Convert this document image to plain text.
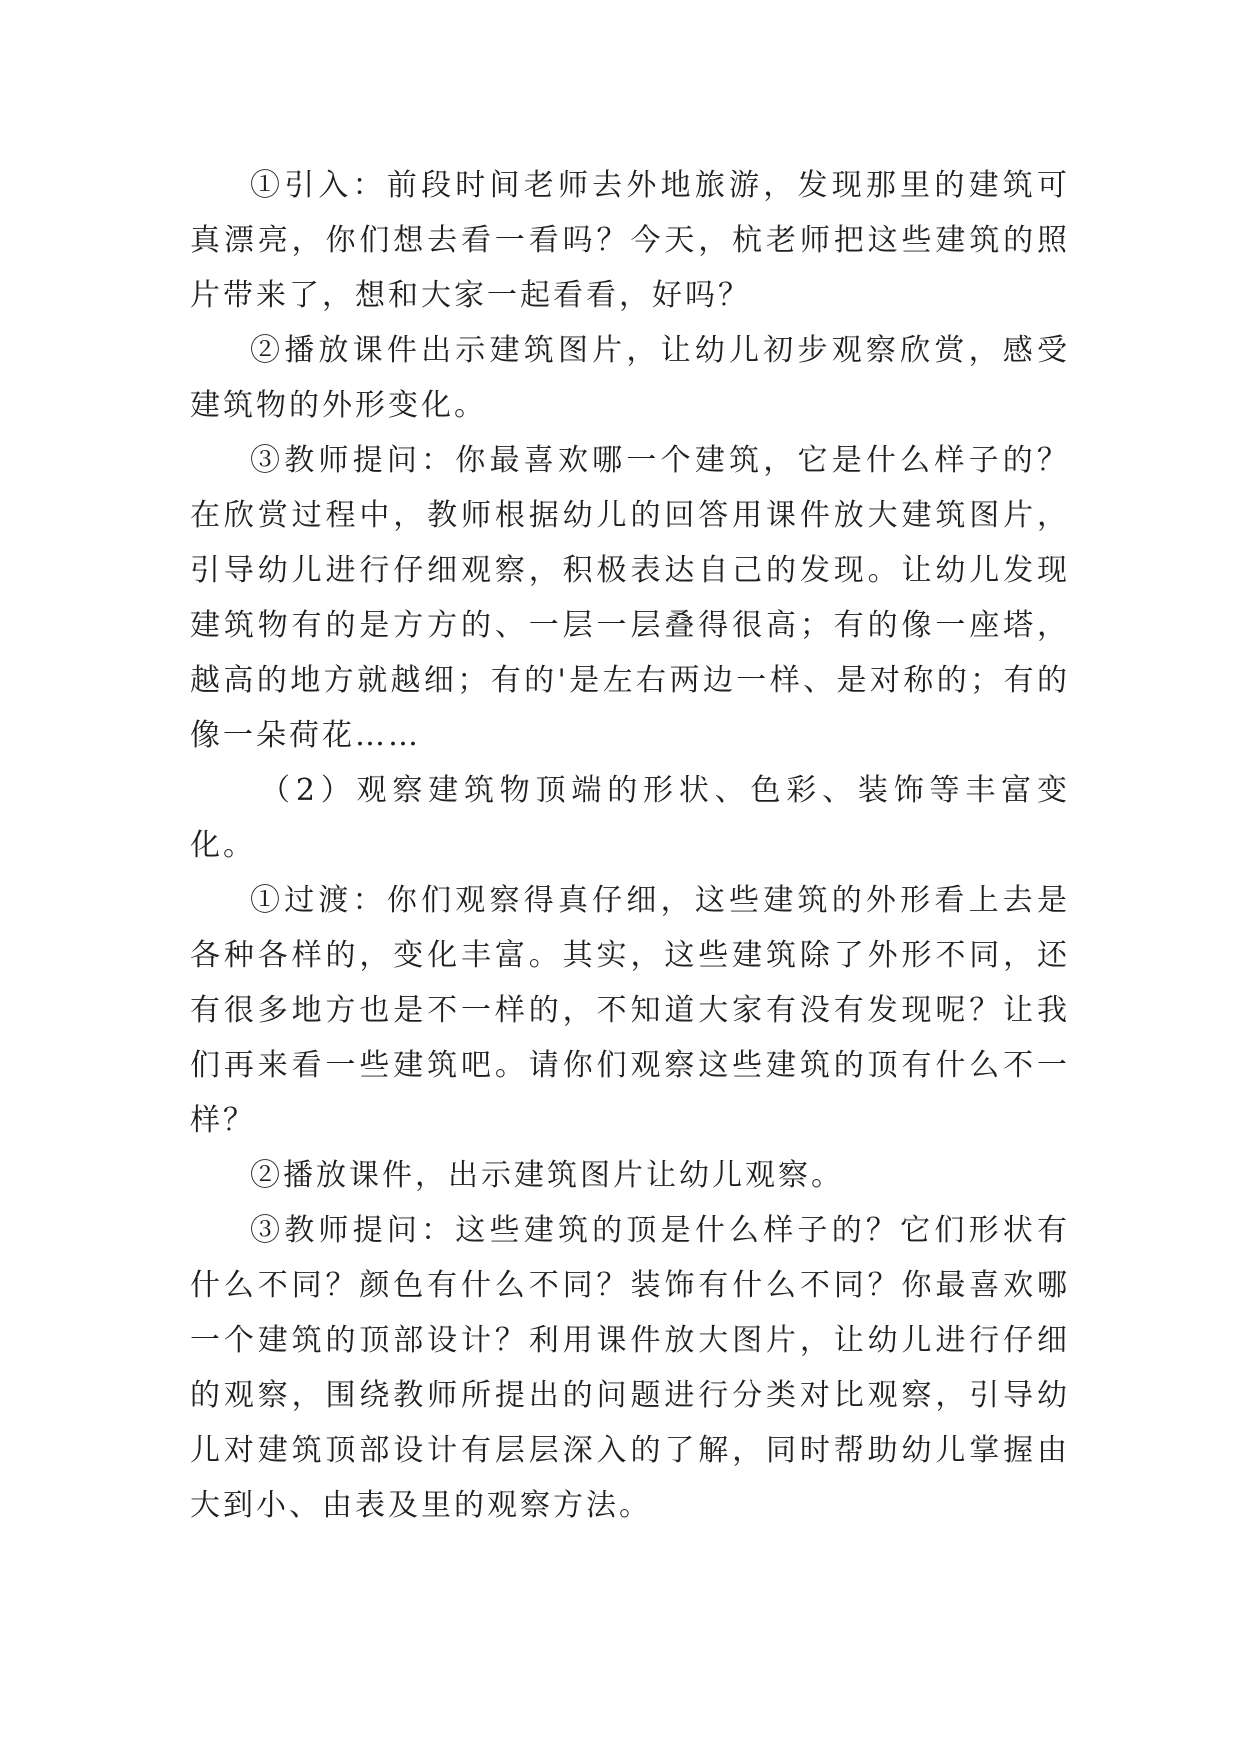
①引入：前段时间老师去外地旅游，发现那里的建筑可真漂亮，你们想去看一看吗？今天，杭老师把这些建筑的照片带来了，想和大家一起看看，好吗？

②播放课件出示建筑图片，让幼儿初步观察欣赏，感受建筑物的外形变化。

③教师提问：你最喜欢哪一个建筑，它是什么样子的？在欣赏过程中，教师根据幼儿的回答用课件放大建筑图片，引导幼儿进行仔细观察，积极表达自己的发现。让幼儿发现建筑物有的是方方的、一层一层叠得很高；有的像一座塔，越高的地方就越细；有的'是左右两边一样、是对称的；有的像一朵荷花……

（2）观察建筑物顶端的形状、色彩、装饰等丰富变化。

①过渡：你们观察得真仔细，这些建筑的外形看上去是各种各样的，变化丰富。其实，这些建筑除了外形不同，还有很多地方也是不一样的，不知道大家有没有发现呢？让我们再来看一些建筑吧。请你们观察这些建筑的顶有什么不一样？

②播放课件，出示建筑图片让幼儿观察。

③教师提问：这些建筑的顶是什么样子的？它们形状有什么不同？颜色有什么不同？装饰有什么不同？你最喜欢哪一个建筑的顶部设计？利用课件放大图片，让幼儿进行仔细的观察，围绕教师所提出的问题进行分类对比观察，引导幼儿对建筑顶部设计有层层深入的了解，同时帮助幼儿掌握由大到小、由表及里的观察方法。
